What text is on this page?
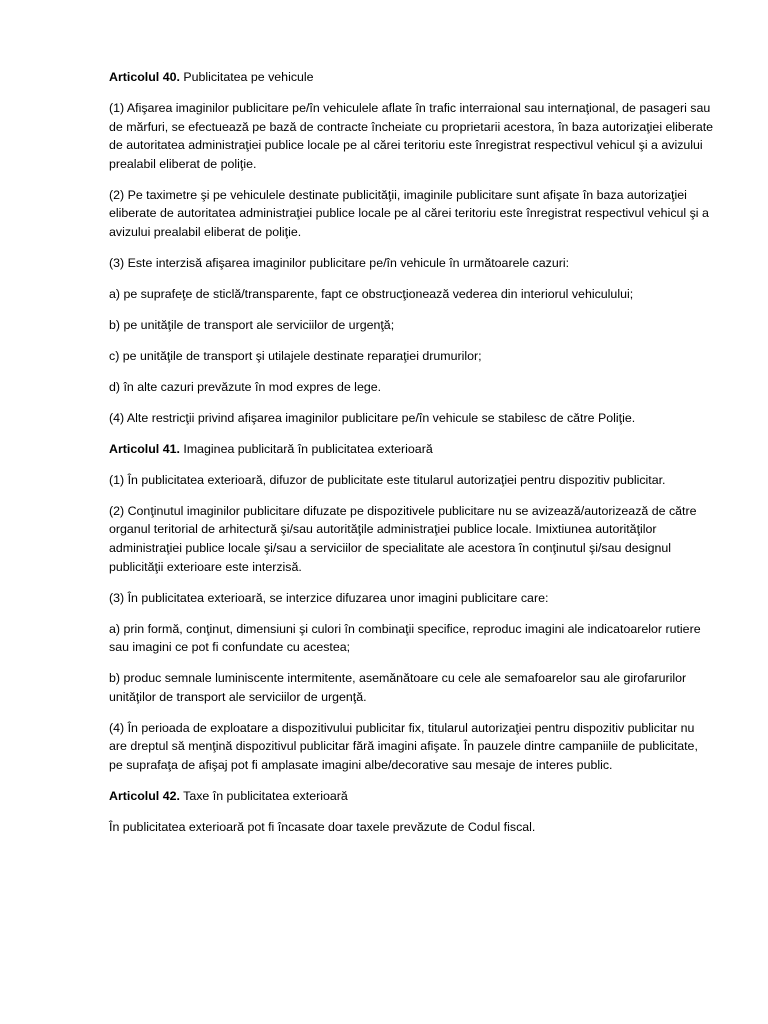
Articolul 40. Publicitatea pe vehicule

(1) Afişarea imaginilor publicitare pe/în vehiculele aflate în trafic interraional sau internaţional, de pasageri sau de mărfuri, se efectuează pe bază de contracte încheiate cu proprietarii acestora, în baza autorizaţiei eliberate de autoritatea administraţiei publice locale pe al cărei teritoriu este înregistrat respectivul vehicul şi a avizului prealabil eliberat de poliţie.

(2) Pe taximetre şi pe vehiculele destinate publicităţii, imaginile publicitare sunt afişate în baza autorizaţiei eliberate de autoritatea administraţiei publice locale pe al cărei teritoriu este înregistrat respectivul vehicul şi a avizului prealabil eliberat de poliţie.

(3) Este interzisă afişarea imaginilor publicitare pe/în vehicule în următoarele cazuri:

a) pe suprafeţe de sticlă/transparente, fapt ce obstrucţionează vederea din interiorul vehiculului;

b) pe unităţile de transport ale serviciilor de urgenţă;

c) pe unităţile de transport şi utilajele destinate reparaţiei drumurilor;

d) în alte cazuri prevăzute în mod expres de lege.

(4) Alte restricţii privind afişarea imaginilor publicitare pe/în vehicule se stabilesc de către Poliţie.

Articolul 41. Imaginea publicitară în publicitatea exterioară

(1) În publicitatea exterioară, difuzor de publicitate este titularul autorizaţiei pentru dispozitiv publicitar.

(2) Conţinutul imaginilor publicitare difuzate pe dispozitivele publicitare nu se avizează/autorizează de către organul teritorial de arhitectură şi/sau autorităţile administraţiei publice locale. Imixtiunea autorităţilor administraţiei publice locale şi/sau a serviciilor de specialitate ale acestora în conţinutul şi/sau designul publicităţii exterioare este interzisă.

(3) În publicitatea exterioară, se interzice difuzarea unor imagini publicitare care:

a) prin formă, conţinut, dimensiuni şi culori în combinaţii specifice, reproduc imagini ale indicatoarelor rutiere sau imagini ce pot fi confundate cu acestea;

b) produc semnale luminiscente intermitente, asemănătoare cu cele ale semafoarelor sau ale girofarurilor unităţilor de transport ale serviciilor de urgenţă.

(4) În perioada de exploatare a dispozitivului publicitar fix, titularul autorizaţiei pentru dispozitiv publicitar nu are dreptul să menţină dispozitivul publicitar fără imagini afişate. În pauzele dintre campaniile de publicitate, pe suprafaţa de afişaj pot fi amplasate imagini albe/decorative sau mesaje de interes public.

Articolul 42. Taxe în publicitatea exterioară

În publicitatea exterioară pot fi încasate doar taxele prevăzute de Codul fiscal.
